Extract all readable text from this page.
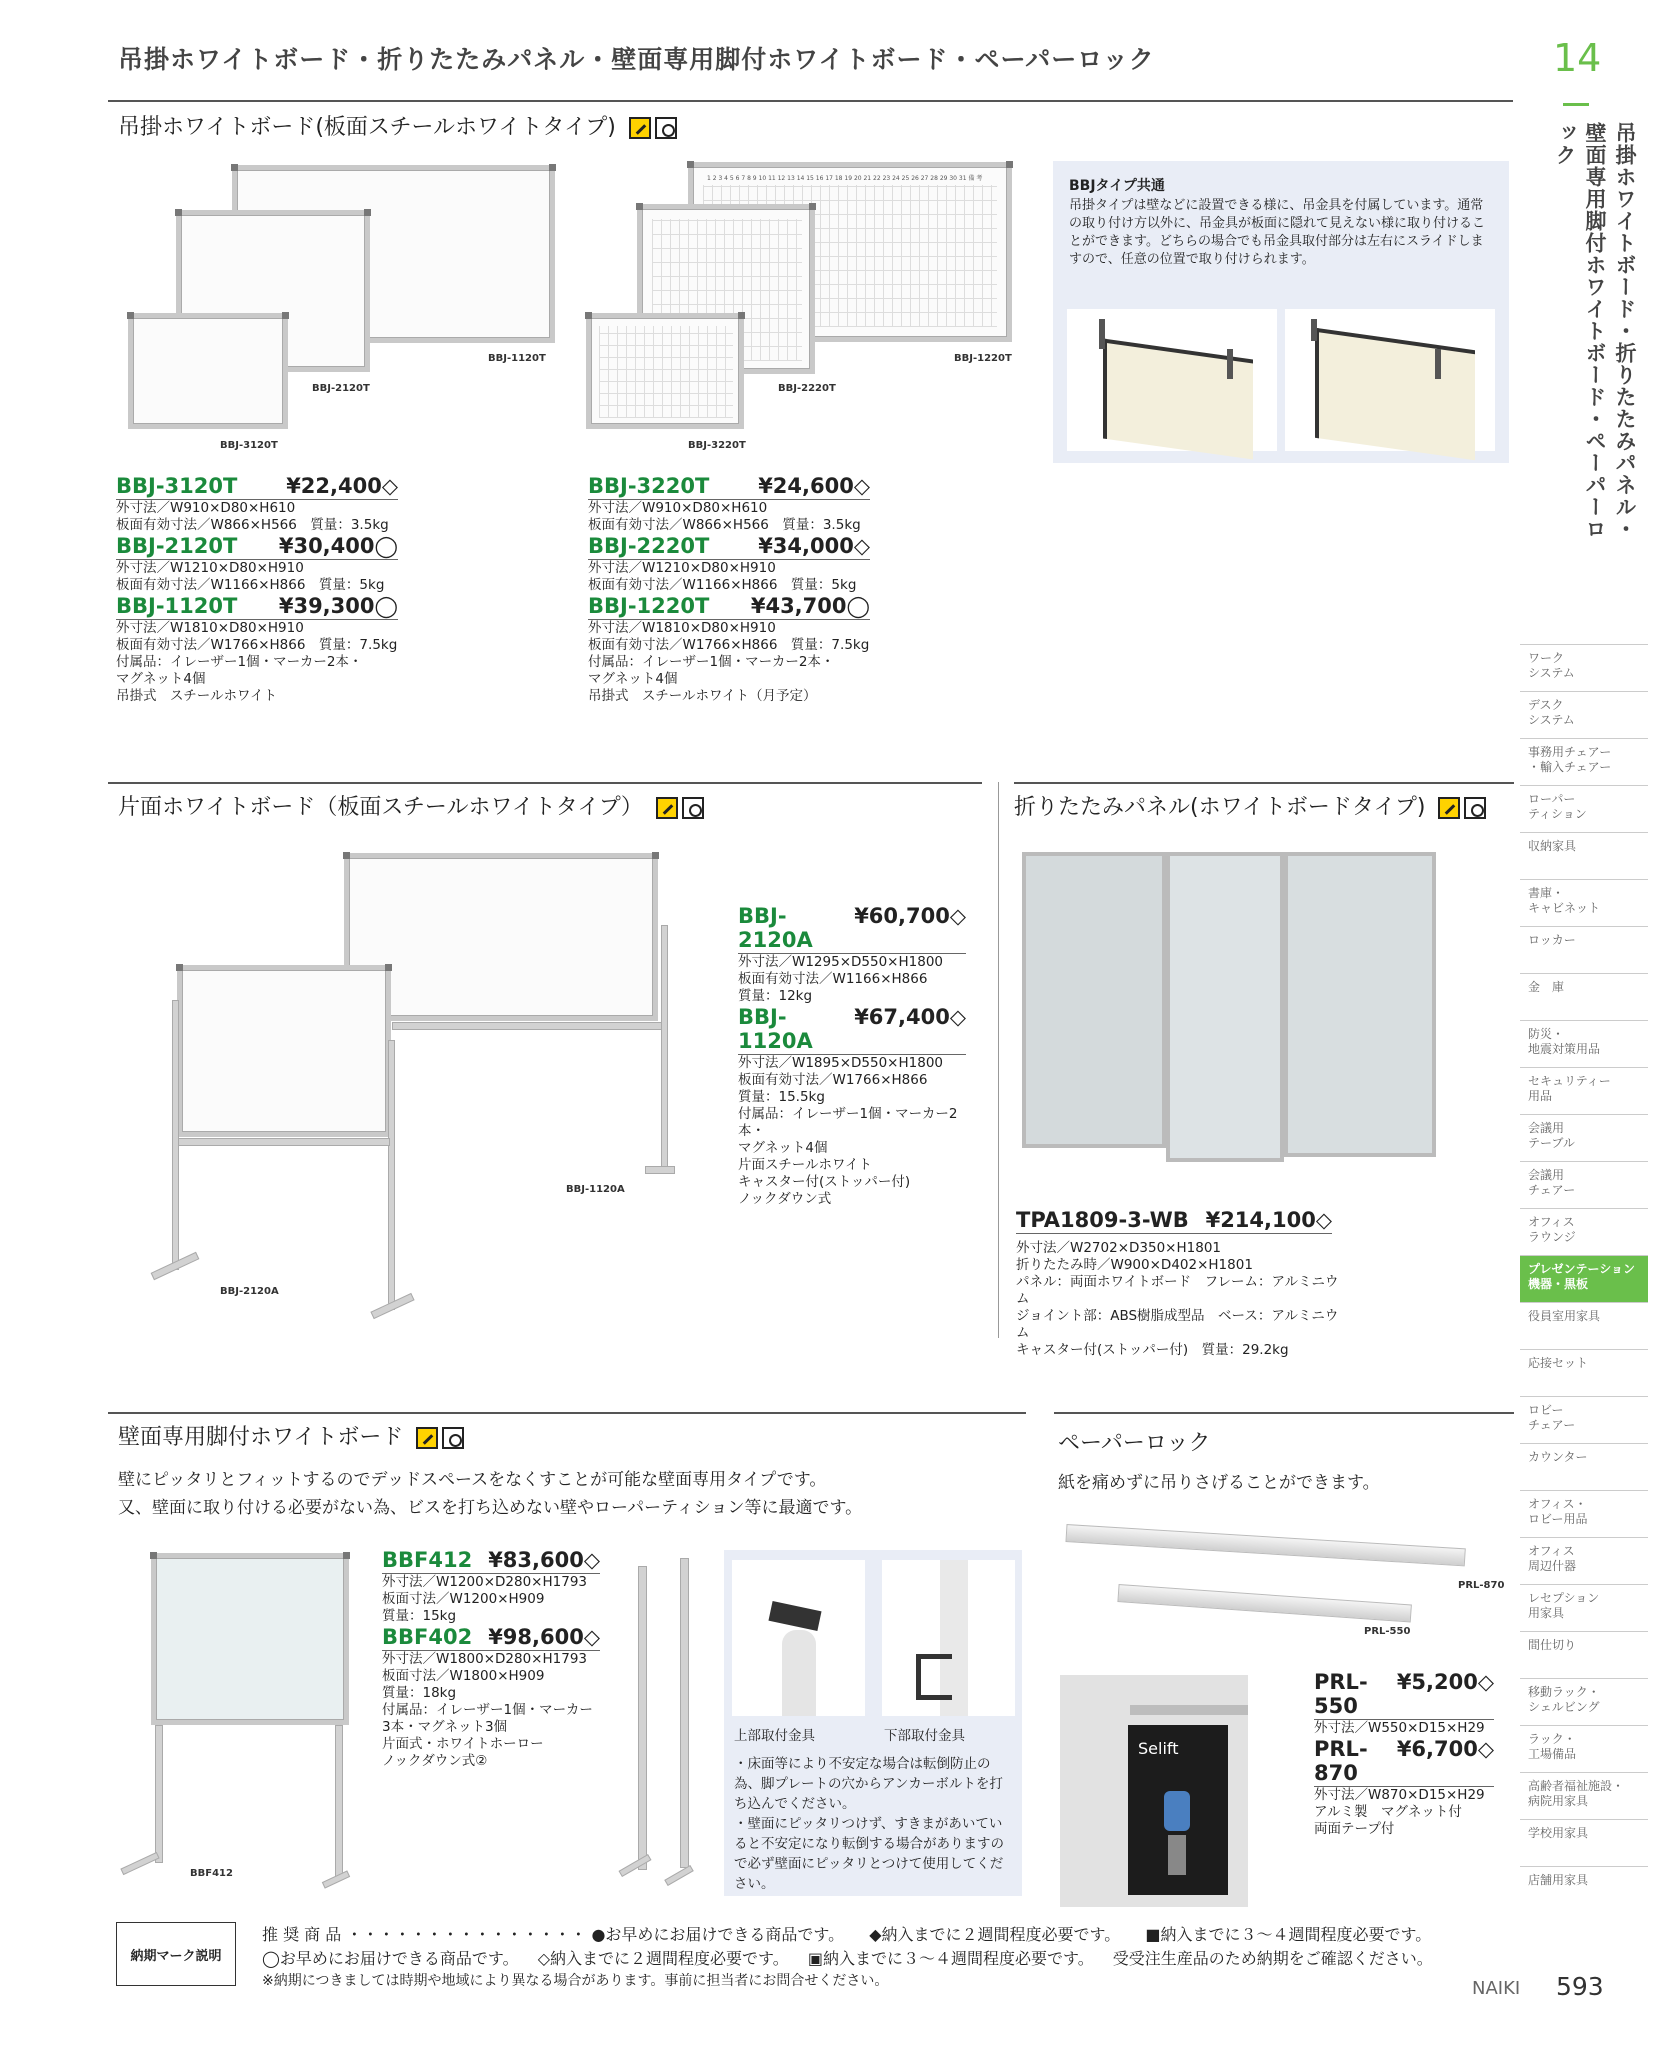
吊掛ホワイトボード・折りたたみパネル・壁面専用脚付ホワイトボード・ペーパーロック	14
吊掛ホワイトボード・折りたたみパネル・壁面専用脚付ホワイトボード・ペーパーロック
吊掛ホワイトボード(板面スチールホワイトタイプ)
BBJ-1120T
BBJ-2120T
BBJ-3120T
1 2 3 4 5 6 7 8 9 10 11 12 13 14 15 16 17 18 19 20 21 22 23 24 25 26 27 28 29 30 31 備 考
BBJ-1220T
BBJ-2220T
BBJ-3220T
BBJタイプ共通
吊掛タイプは壁などに設置できる様に、吊金具を付属しています。通常の取り付け方以外に、吊金具が板面に隠れて見えない様に取り付けることができます。どちらの場合でも吊金具取付部分は左右にスライドしますので、任意の位置で取り付けられます。
BBJ-3120T ¥22,400◇
外寸法／W910×D80×H610
板面有効寸法／W866×H566　質量：3.5kg
BBJ-2120T ¥30,400◯
外寸法／W1210×D80×H910
板面有効寸法／W1166×H866　質量：5kg
BBJ-1120T ¥39,300◯
外寸法／W1810×D80×H910
板面有効寸法／W1766×H866　質量：7.5kg
付属品：イレーザー1個・マーカー2本・
マグネット4個
吊掛式　スチールホワイト
BBJ-3220T ¥24,600◇
外寸法／W910×D80×H610
板面有効寸法／W866×H566　質量：3.5kg
BBJ-2220T ¥34,000◇
外寸法／W1210×D80×H910
板面有効寸法／W1166×H866　質量：5kg
BBJ-1220T ¥43,700◯
外寸法／W1810×D80×H910
板面有効寸法／W1766×H866　質量：7.5kg
付属品：イレーザー1個・マーカー2本・
マグネット4個
吊掛式　スチールホワイト（月予定）
片面ホワイトボード（板面スチールホワイトタイプ）
BBJ-1120A
BBJ-2120A
BBJ-2120A
¥60,700◇
外寸法／W1295×D550×H1800
板面有効寸法／W1166×H866
質量：12kg
BBJ-1120A
¥67,400◇
外寸法／W1895×D550×H1800
板面有効寸法／W1766×H866
質量：15.5kg
付属品：イレーザー1個・マーカー2本・
マグネット4個
片面スチールホワイト
キャスター付(ストッパー付)
ノックダウン式
折りたたみパネル(ホワイトボードタイプ)
TPA1809-3-WB ¥214,100◇
外寸法／W2702×D350×H1801
折りたたみ時／W900×D402×H1801
パネル：両面ホワイトボード　フレーム：アルミニウム
ジョイント部：ABS樹脂成型品　ベース：アルミニウム
キャスター付(ストッパー付)　質量：29.2kg
壁面専用脚付ホワイトボード
壁にピッタリとフィットするのでデッドスペースをなくすことが可能な壁面専用タイプです。
又、壁面に取り付ける必要がない為、ビスを打ち込めない壁やローパーティション等に最適です。
BBF412
BBF412 ¥83,600◇
外寸法／W1200×D280×H1793
板面寸法／W1200×H909
質量：15kg
BBF402 ¥98,600◇
外寸法／W1800×D280×H1793
板面寸法／W1800×H909
質量：18kg
付属品：イレーザー1個・マーカー
3本・マグネット3個
片面式・ホワイトホーロー
ノックダウン式②
上部取付金具	下部取付金具
・床面等により不安定な場合は転倒防止の為、脚プレートの穴からアンカーボルトを打ち込んでください。
・壁面にピッタリつけず、すきまがあいていると不安定になり転倒する場合がありますので必ず壁面にピッタリとつけて使用してください。
ペーパーロック
紙を痛めずに吊りさげることができます。
PRL-870
PRL-550
Selift
PRL-550
¥5,200◇
外寸法／W550×D15×H29
PRL-870
¥6,700◇
外寸法／W870×D15×H29
アルミ製　マグネット付
両面テープ付
ワーク
システム
デスク
システム
事務用チェアー
・輸入チェアー
ローパー
ティション
収納家具
書庫・
キャビネット
ロッカー
金　庫
防災・
地震対策用品
セキュリティー
用品
会議用
テーブル
会議用
チェアー
オフィス
ラウンジ
プレゼンテーション
機器・黒板
役員室用家具
応接セット
ロビー
チェアー
カウンター
オフィス・
ロビー用品
オフィス
周辺什器
レセプション
用家具
間仕切り
移動ラック・
シェルビング
ラック・
工場備品
高齢者福祉施設・
病院用家具
学校用家具
店舗用家具
納期マーク説明
推 奨 商 品 ・・・・・・・・・・・・・・・ ●お早めにお届けできる商品です。 ◆納入までに２週間程度必要です。 ■納入までに３～４週間程度必要です。
◯お早めにお届けできる商品です。 ◇納入までに２週間程度必要です。 ▣納入までに３～４週間程度必要です。 受受注生産品のため納期をご確認ください。
※納期につきましては時期や地域により異なる場合があります。事前に担当者にお問合せください。	NAIKI 593
